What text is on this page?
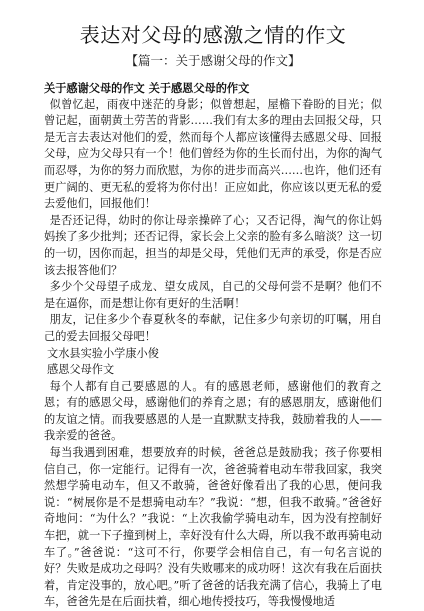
表达对父母的感激之情的作文
【篇一：关于感谢父母的作文】

关于感谢父母的作文 关于感恩父母的作文

似曾忆起，雨夜中迷茫的身影；似曾想起，屋檐下眷盼的目光；似曾记起，面朝黄土劳苦的背影……我们有太多的理由去回报父母，只是无言去表达对他们的爱，然而每个人都应该懂得去感恩父母、回报父母，应为父母只有一个！他们曾经为你的生长而付出，为你的淘气而忍辱，为你的努力而欣慰，为你的进步而高兴……也许，他们还有更广阔的、更无私的爱将为你付出！正应如此，你应该以更无私的爱去爱他们，回报他们！

是否还记得，幼时的你让母亲操碎了心；又否记得，淘气的你让妈妈挨了多少批判；还否记得，家长会上父亲的脸有多么暗淡？这一切的一切，因你而起，担当的却是父母，凭他们无声的承受，你是否应该去报答他们？

多少个父母望子成龙、望女成凤，自己的父母何尝不是啊？他们不是在逼你，而是想让你有更好的生活啊！

朋友，记住多少个春夏秋冬的奉献，记住多少句亲切的叮嘱，用自己的爱去回报父母吧！

文水县实验小学康小俊

感恩父母作文

每个人都有自己要感恩的人。有的感恩老师，感谢他们的教育之恩；有的感恩父母，感谢他们的养育之恩；有的感恩朋友，感谢他们的友谊之情。而我要感恩的人是一直默默支持我，鼓励着我的人——我亲爱的爸爸。

每当我遇到困难，想要放弃的时候，爸爸总是鼓励我；孩子你要相信自己，你一定能行。记得有一次，爸爸骑着电动车带我回家，我突然想学骑电动车，但又不敢骑，爸爸好像看出了我的心思，便问我说：“树展你是不是想骑电动车？”我说：“想，但我不敢骑。”爸爸好奇地问：“为什么？”我说：“上次我偷学骑电动车，因为没有控制好车把，就一下子撞到树上，幸好没有什么大碍，所以我不敢再骑电动车了。”爸爸说：“这可不行，你要学会相信自己，有一句名言说的好？失败是成功之母吗？没有失败哪来的成功呀！这次有我在后面扶着，肯定没事的，放心吧。”听了爸爸的话我充满了信心，我骑上了电车，爸爸先是在后面扶着，细心地传授技巧，等我慢慢地适
